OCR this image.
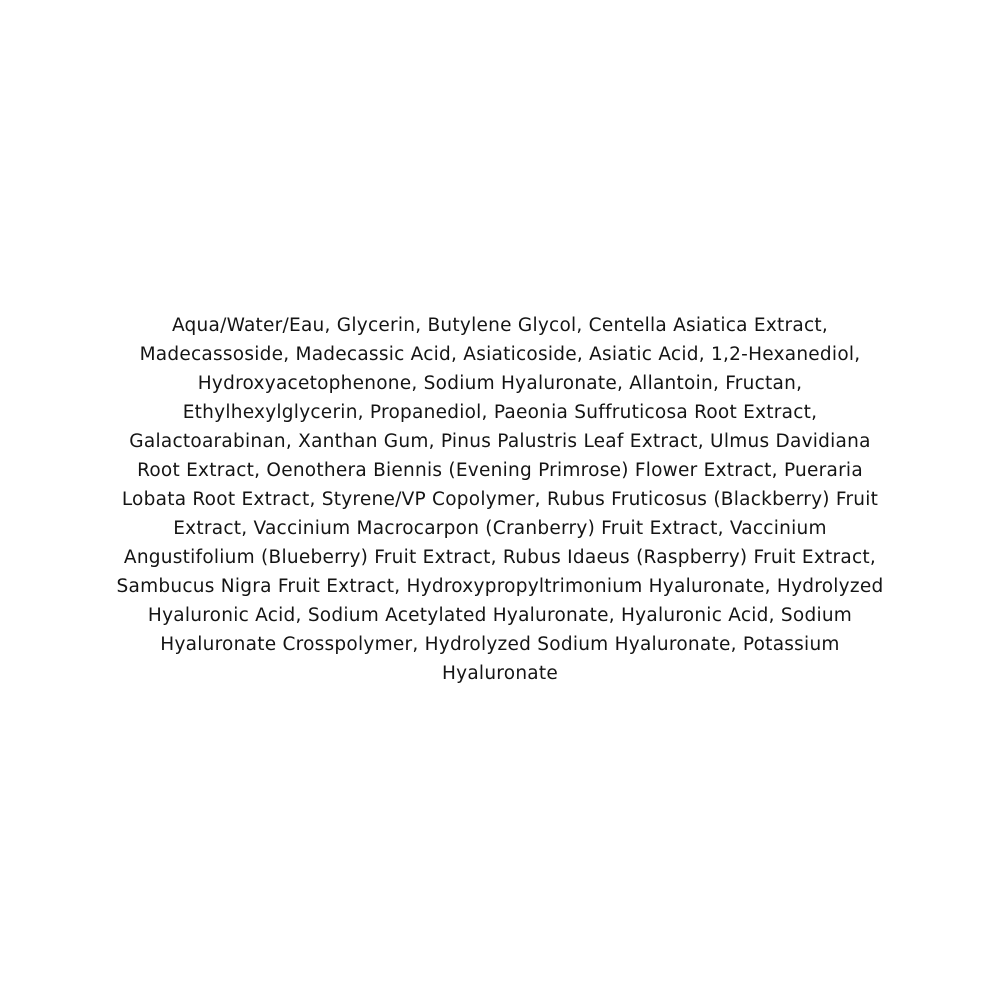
Aqua/Water/Eau, Glycerin, Butylene Glycol, Centella Asiatica Extract,
Madecassoside, Madecassic Acid, Asiaticoside, Asiatic Acid, 1,2-Hexanediol,
Hydroxyacetophenone, Sodium Hyaluronate, Allantoin, Fructan,
Ethylhexylglycerin, Propanediol, Paeonia Suffruticosa Root Extract,
Galactoarabinan, Xanthan Gum, Pinus Palustris Leaf Extract, Ulmus Davidiana
Root Extract, Oenothera Biennis (Evening Primrose) Flower Extract, Pueraria
Lobata Root Extract, Styrene/VP Copolymer, Rubus Fruticosus (Blackberry) Fruit
Extract, Vaccinium Macrocarpon (Cranberry) Fruit Extract, Vaccinium
Angustifolium (Blueberry) Fruit Extract, Rubus Idaeus (Raspberry) Fruit Extract,
Sambucus Nigra Fruit Extract, Hydroxypropyltrimonium Hyaluronate, Hydrolyzed
Hyaluronic Acid, Sodium Acetylated Hyaluronate, Hyaluronic Acid, Sodium
Hyaluronate Crosspolymer, Hydrolyzed Sodium Hyaluronate, Potassium
Hyaluronate
